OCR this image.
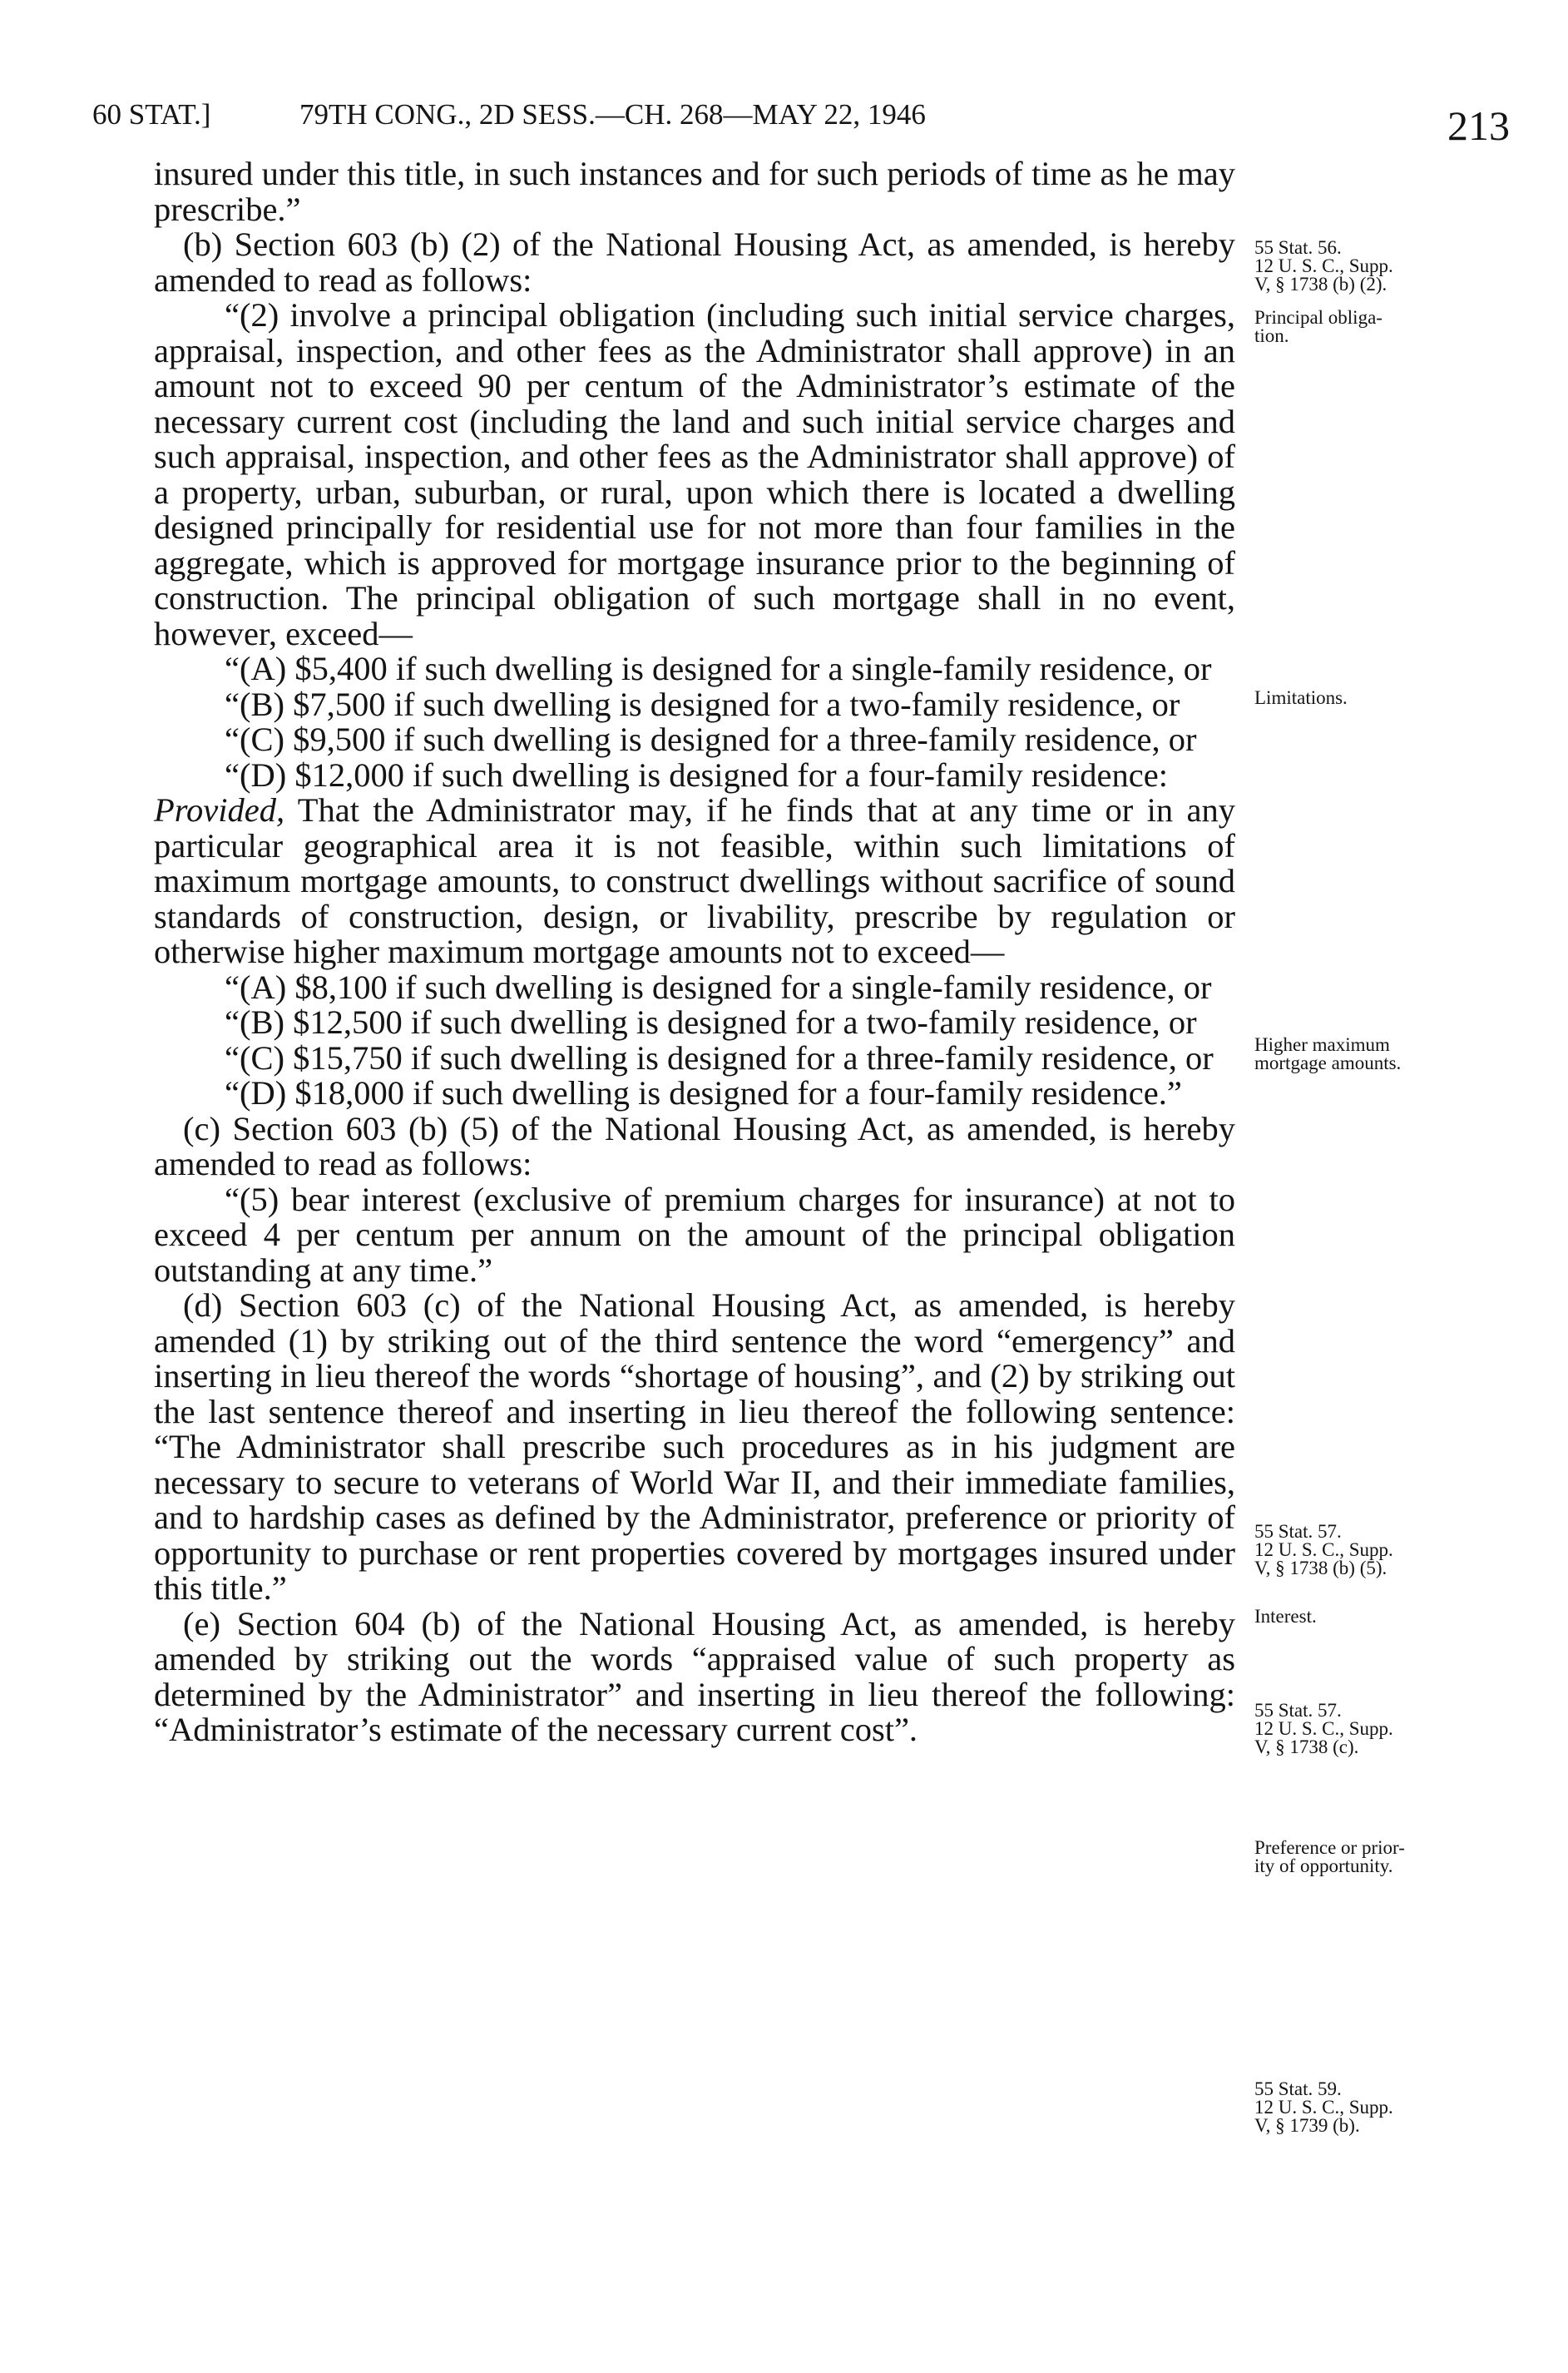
60 STAT.]	79TH CONG., 2D SESS.—CH. 268—MAY 22, 1946	213

insured under this title, in such instances and for such periods of time as he may prescribe.”

(b) Section 603 (b) (2) of the National Housing Act, as amended, is hereby amended to read as follows:

“(2) involve a principal obligation (including such initial service charges, appraisal, inspection, and other fees as the Administrator shall approve) in an amount not to exceed 90 per centum of the Administrator’s estimate of the necessary current cost (including the land and such initial service charges and such appraisal, inspection, and other fees as the Administrator shall approve) of a property, urban, suburban, or rural, upon which there is located a dwelling designed principally for residential use for not more than four families in the aggregate, which is approved for mortgage insurance prior to the beginning of construction. The principal obligation of such mortgage shall in no event, however, exceed—

“(A) $5,400 if such dwelling is designed for a single-family residence, or

“(B) $7,500 if such dwelling is designed for a two-family residence, or

“(C) $9,500 if such dwelling is designed for a three-family residence, or

“(D) $12,000 if such dwelling is designed for a four-family residence:

Provided, That the Administrator may, if he finds that at any time or in any particular geographical area it is not feasible, within such limitations of maximum mortgage amounts, to construct dwellings without sacrifice of sound standards of construction, design, or livability, prescribe by regulation or otherwise higher maximum mortgage amounts not to exceed—

“(A) $8,100 if such dwelling is designed for a single-family residence, or

“(B) $12,500 if such dwelling is designed for a two-family residence, or

“(C) $15,750 if such dwelling is designed for a three-family residence, or

“(D) $18,000 if such dwelling is designed for a four-family residence.”

(c) Section 603 (b) (5) of the National Housing Act, as amended, is hereby amended to read as follows:

“(5) bear interest (exclusive of premium charges for insurance) at not to exceed 4 per centum per annum on the amount of the principal obligation outstanding at any time.”

(d) Section 603 (c) of the National Housing Act, as amended, is hereby amended (1) by striking out of the third sentence the word “emergency” and inserting in lieu thereof the words “shortage of housing”, and (2) by striking out the last sentence thereof and inserting in lieu thereof the following sentence: “The Administrator shall prescribe such procedures as in his judgment are necessary to secure to veterans of World War II, and their immediate families, and to hardship cases as defined by the Administrator, preference or priority of opportunity to purchase or rent properties covered by mortgages insured under this title.”

(e) Section 604 (b) of the National Housing Act, as amended, is hereby amended by striking out the words “appraised value of such property as determined by the Administrator” and inserting in lieu thereof the following: “Administrator’s estimate of the necessary current cost”.

55 Stat. 56.
12 U. S. C., Supp.
V, § 1738 (b) (2).
Principal obliga-
tion.
Limitations.
Higher maximum
mortgage amounts.
55 Stat. 57.
12 U. S. C., Supp.
V, § 1738 (b) (5).
Interest.
55 Stat. 57.
12 U. S. C., Supp.
V, § 1738 (c).
Preference or prior-
ity of opportunity.
55 Stat. 59.
12 U. S. C., Supp.
V, § 1739 (b).
